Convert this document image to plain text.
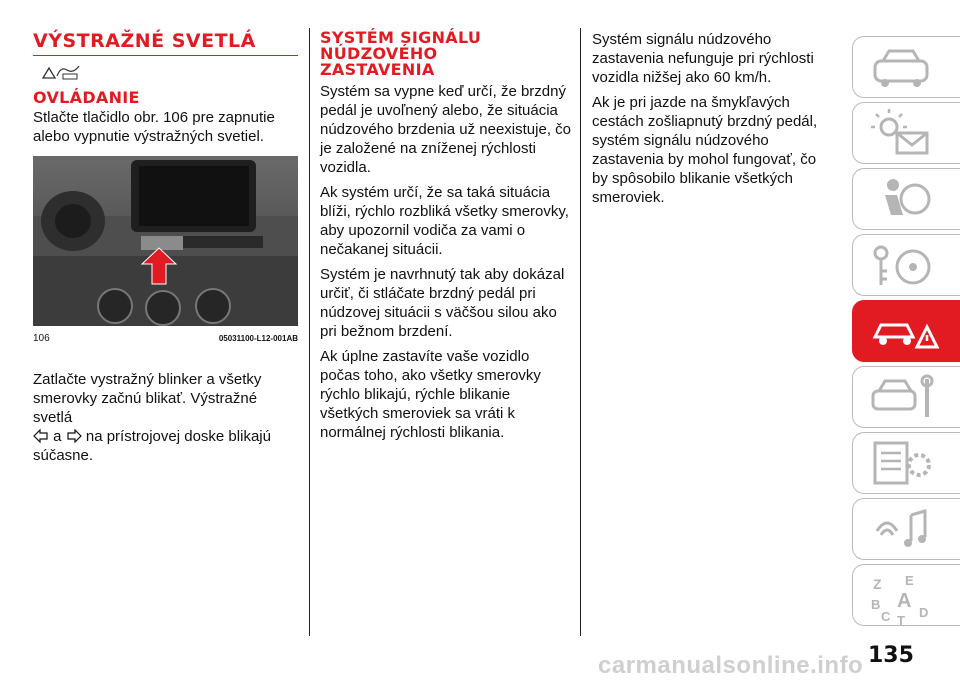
VÝSTRAŽNÉ SVETLÁ
OVLÁDANIE

Stlačte tlačidlo obr. 106 pre zapnutie alebo vypnutie výstražných svetiel.

106	05031100-L12-001AB

Zatlačte vystražný blinker a všetky smerovky začnú blikať. Výstražné svetlá
a na prístrojovej doske blikajú súčasne.

SYSTÉM SIGNÁLU NÚDZOVÉHO ZASTAVENIA

Systém sa vypne keď určí, že brzdný pedál je uvoľnený alebo, že situácia núdzového brzdenia už neexistuje, čo je založené na zníženej rýchlosti vozidla.

Ak systém určí, že sa taká situácia blíži, rýchlo rozbliká všetky smerovky, aby upozornil vodiča za vami o nečakanej situácii.

Systém je navrhnutý tak aby dokázal určiť, či stláčate brzdný pedál pri núdzovej situácii s väčšou silou ako pri bežnom brzdení.

Ak úplne zastavíte vaše vozidlo počas toho, ako všetky smerovky rýchlo blikajú, rýchle blikanie všetkých smeroviek sa vráti k normálnej rýchlosti blikania.

Systém signálu núdzového zastavenia nefunguje pri rýchlosti vozidla nižšej ako 60 km/h.

Ak je pri jazde na šmykľavých cestách zošliapnutý brzdný pedál, systém signálu núdzového zastavenia by mohol fungovať, čo by spôsobilo blikanie všetkých smeroviek.

Z E
B A
D
C T
135
carmanualsonline.info
